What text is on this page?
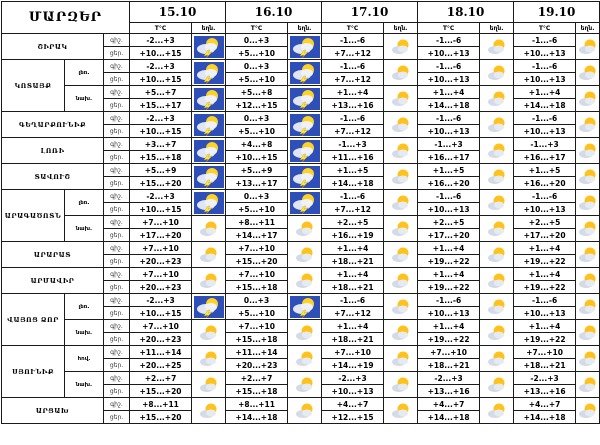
ՄԱՐԶԵՐ			15.10		16.10		17.10		18.10		19.10	
			T°C	եղն.	T°C	եղն.	T°C	եղն.	T°C	եղն.	T°C	եղն.
ՇԻՐԱԿ		գիշ.	-2...+3		0...+3		-1...-6		-1...-6		-1...-6	

		ցեր.	+10...+15		+5...+10		+7...+12		+10...+13		+10...+13	
ԿՈՏԱՅՔ	լեռ.	գիշ.	-2...+3		0...+3		-1...-6		-1...-6		-1...-6	

		ցեր.	+10...+15		+5...+10		+7...+12		+10...+13		+10...+13	
	նախ.	գիշ.	+5...+7		+5...+8		+1...+4		+1...+4		+1...+4	

		ցեր.	+15...+17		+12...+15		+13...+16		+14...+18		+14...+18	
ԳԵՂԱՐՔՈՒՆԻՔ		գիշ.	-2...+3		0...+3		-1...-6		-1...-6		-1...-6	

		ցեր.	+10...+15		+5...+10		+7...+12		+10...+13		+10...+13	
ԼՈՌԻ		գիշ.	+3...+7		+4...+8		-1...+3		-1...+3		-1...+3	

		ցեր.	+15...+18		+10...+15		+11...+16		+16...+17		+16...+17	
ՏԱՎՈՒՇ		գիշ.	+5...+9		+5...+9		+1...+5		+1...+5		+1...+5	

		ցեր.	+15...+20		+13...+17		+14...+18		+16...+20		+16...+20	
ԱՐԱԳԱԾՈՏՆ	լեռ.	գիշ.	-2...+3		0...+3		-1...-6		-1...-6		-1...-6	

		ցեր.	+10...+15		+5...+10		+7...+12		+10...+13		+10...+13	
	նախ.	գիշ.	+7...+10		+8...+11		+2...+5		+2...+5		+2...+5	

		ցեր.	+17...+20		+14...+17		+16...+19		+17...+20		+17...+20	
ԱՐԱՐԱՏ		գիշ.	+7...+10		+7...+10		+1...+4		+1...+4		+1...+4	

		ցեր.	+20...+23		+15...+20		+18...+21		+19...+22		+19...+22	
ԱՐՄԱՎԻՐ		գիշ.	+7...+10		+7...+10		+1...+4		+1...+4		+1...+4	

		ցեր.	+20...+23		+15...+18		+18...+21		+19...+22		+19...+22	
ՎԱՅՈՑ ՁՈՐ	լեռ.	գիշ.	-2...+3		0...+3		-1...-6		-1...-6		-1...-6	

		ցեր.	+10...+15		+5...+10		+7...+12		+10...+13		+10...+13	
	նախ.	գիշ.	+7...+10		+7...+10		+1...+4		+1...+4		+1...+4	

		ցեր.	+20...+23		+15...+18		+18...+21		+19...+22		+19...+22	
ՍՅՈՒՆԻՔ	հով.	գիշ.	+11...+14		+11...+14		+7...+10		+7...+10		+7...+10	

		ցեր.	+20...+25		+20...+23		+14...+19		+18...+21		+18...+21	
	նախ.	գիշ.	+2...+7		+2...+7		-2...+3		-2...+3		-2...+3	

		ցեր.	+15...+20		+15...+18		+10...+13		+13...+16		+13...+16	
ԱՐՑԱԽ		գիշ.	+8...+11		+8...+11		+4...+7		+4...+7		+4...+7	

		ցեր.	+15...+20		+14...+18		+12...+15		+14...+18		+14...+18	
